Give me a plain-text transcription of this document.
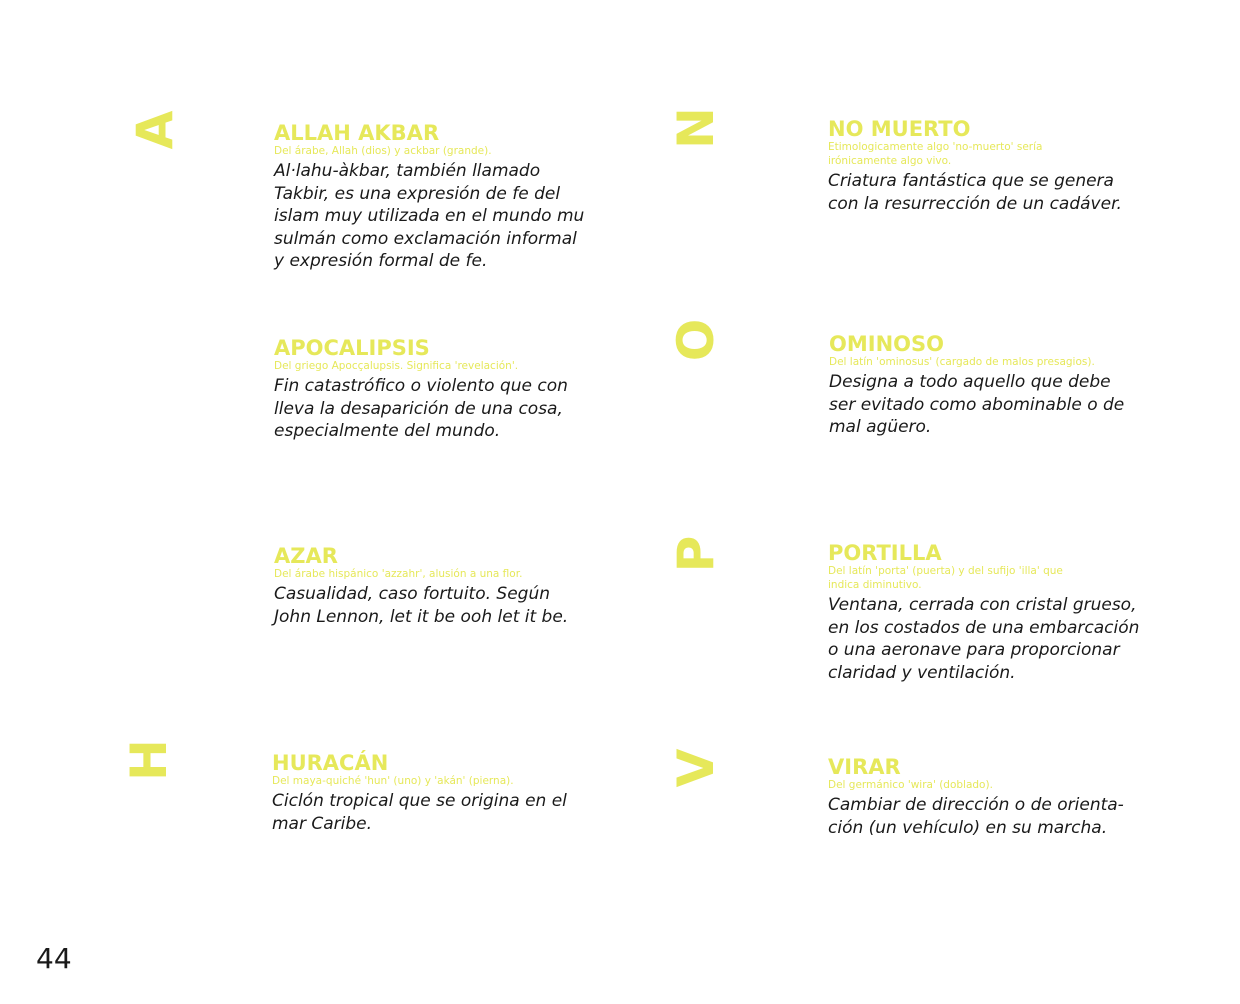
A
H
N
O
P
V

ALLAH AKBAR

Del árabe, Allah (dios) y ackbar (grande).

Al·lahu-àkbar, también llamado
Takbir, es una expresión de fe del
islam muy utilizada en el mundo mu
sulmán como exclamación informal
y expresión formal de fe.

APOCALIPSIS

Del griego Apocçalupsis. Significa 'revelación'.

Fin catastrófico o violento que con
lleva la desaparición de una cosa,
especialmente del mundo.

AZAR

Del árabe hispánico 'azzahr', alusión a una flor.

Casualidad, caso fortuito. Según
John Lennon, let it be ooh let it be.

HURACÁN

Del maya-quiché 'hun' (uno) y 'akán' (pierna).

Ciclón tropical que se origina en el
mar Caribe.

NO MUERTO

Etimologicamente algo 'no-muerto' sería
irónicamente algo vivo.

Criatura fantástica que se genera
con la resurrección de un cadáver.

OMINOSO

Del latín 'ominosus' (cargado de malos presagios).

Designa a todo aquello que debe
ser evitado como abominable o de
mal agüero.

PORTILLA

Del latín 'porta' (puerta) y del sufijo 'illa' que
indica diminutivo.

Ventana, cerrada con cristal grueso,
en los costados de una embarcación
o una aeronave para proporcionar
claridad y ventilación.

VIRAR

Del germánico 'wira' (doblado).

Cambiar de dirección o de orienta-
ción (un vehículo) en su marcha.

44
